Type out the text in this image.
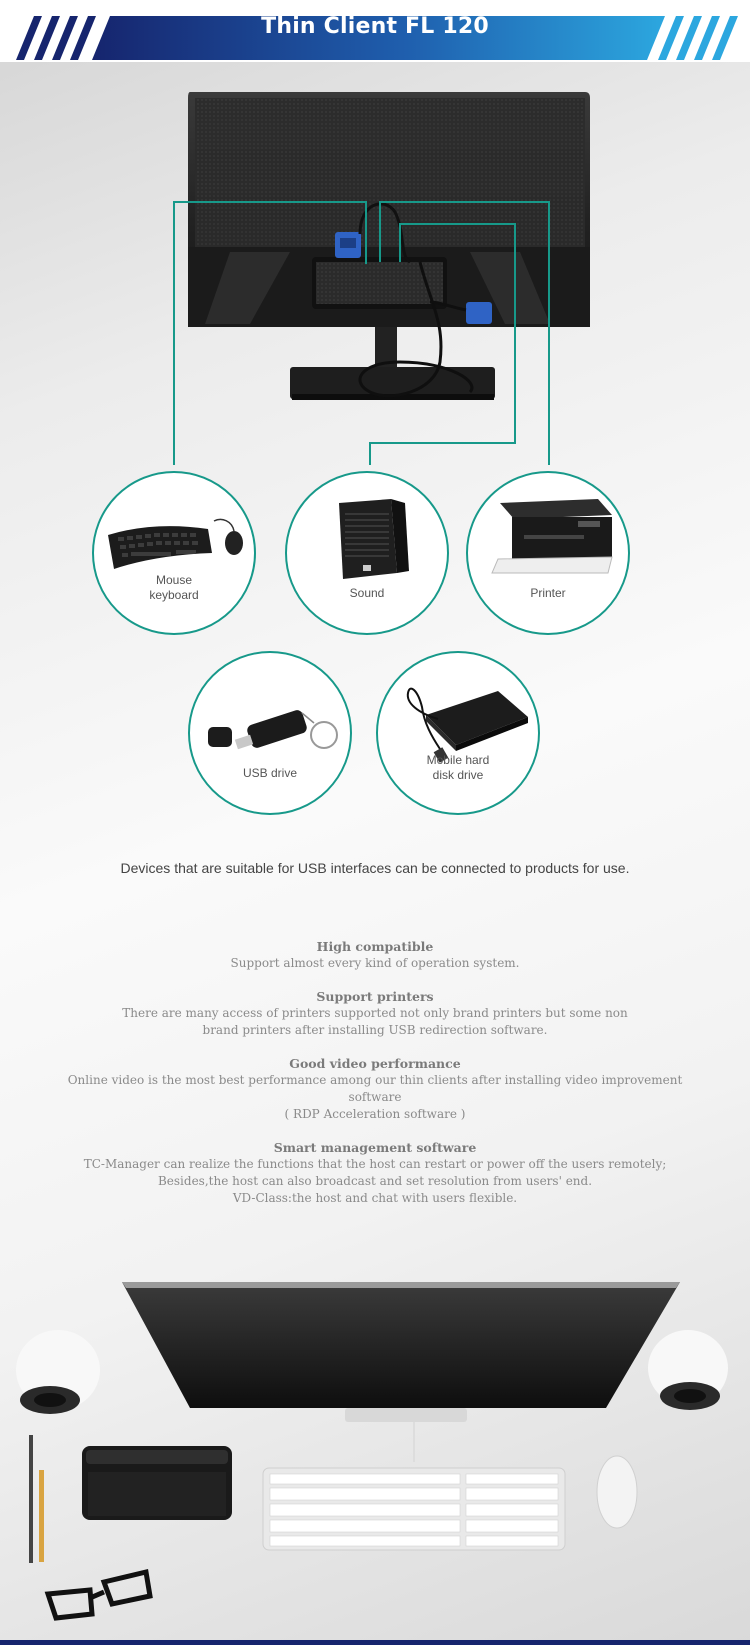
Thin Client FL 120
Mouse
keyboard	Sound	Printer
USB drive
Mobile hard
disk drive
Devices that are suitable for USB interfaces can be connected to products for use.
High compatible

Support almost every kind of operation system.

Support printers

There are many access of printers supported not only brand printers but some non

brand printers after installing USB redirection software.

Good video performance

Online video is the most best performance among our thin clients after installing video improvement software

( RDP Acceleration software )

Smart management software

TC-Manager can realize the functions that the host can restart or power off the users remotely;

Besides,the host can also broadcast and set resolution from users' end.

VD-Class:the host and chat with users flexible.
